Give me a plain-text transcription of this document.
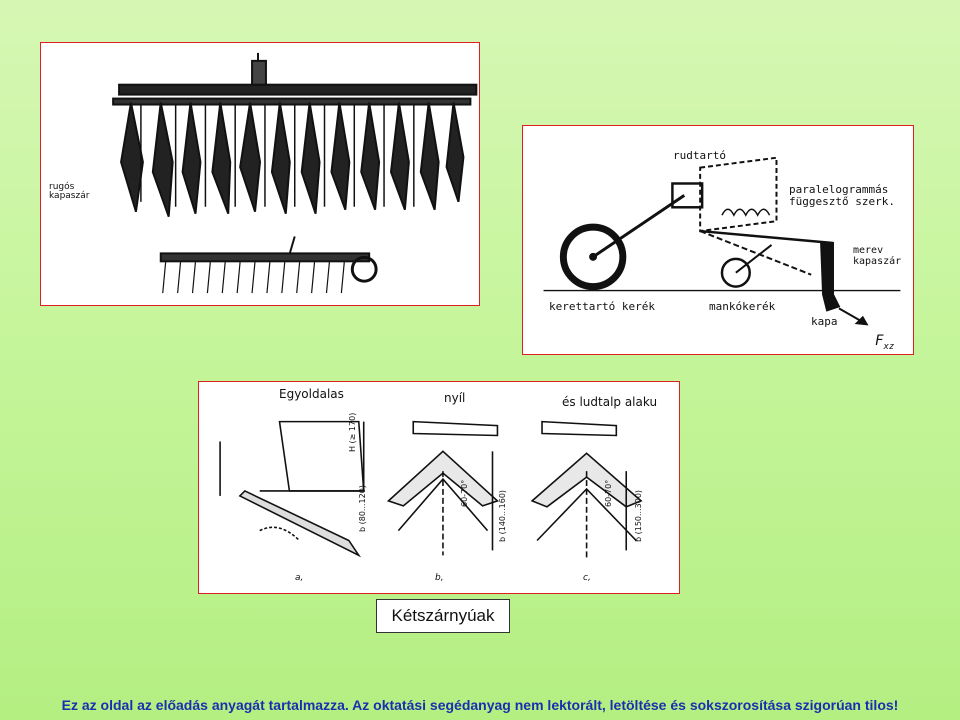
rugós
kapaszár
rudtartó
paralelogrammás
függesztő szerk.
merev
kapaszár
kerettartó kerék	mankókerék
kapa
$F_{xz}$
Egyoldalas	nyíl	és ludtalp alaku
a,	b,	c,
b (80...120)
H (≥ 170)
b (140...160)
60-70°	b (150...300)
60-70°
Kétszárnyúak
Ez az oldal az előadás anyagát tartalmazza. Az oktatási segédanyag nem lektorált, letöltése és sokszorosítása szigorúan tilos!
